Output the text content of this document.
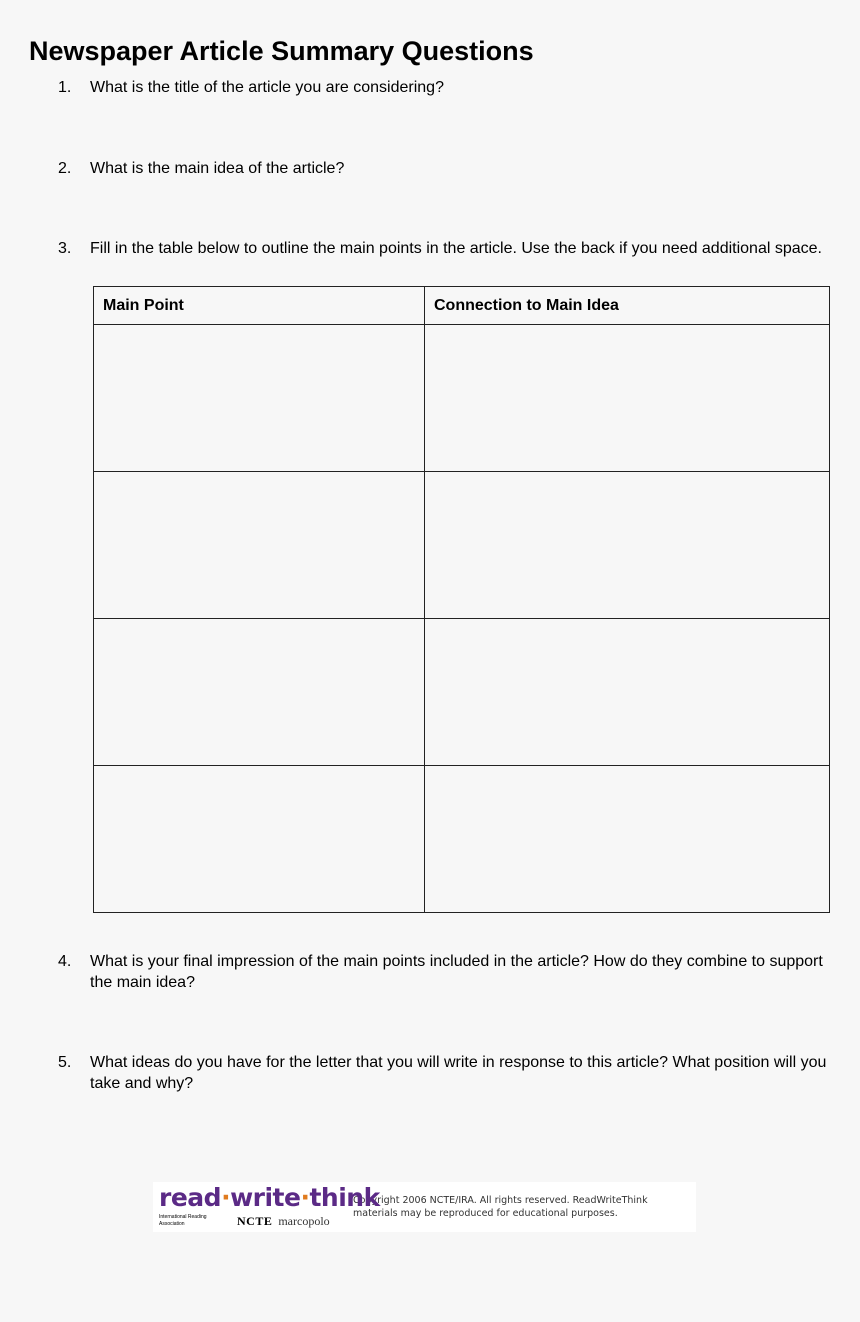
Newspaper Article Summary Questions
1.	What is the title of the article you are considering?
2.	What is the main idea of the article?
3.	Fill in the table below to outline the main points in the article. Use the back if you need additional space.
Main Point	Connection to Main Idea

4.	What is your final impression of the main points included in the article? How do they combine to support the main idea?
5.	What ideas do you have for the letter that you will write in response to this article? What position will you take and why?
read·write·think
International Reading Association	NCTE marcopolo
Copyright 2006 NCTE/IRA. All rights reserved. ReadWriteThink
materials may be reproduced for educational purposes.
